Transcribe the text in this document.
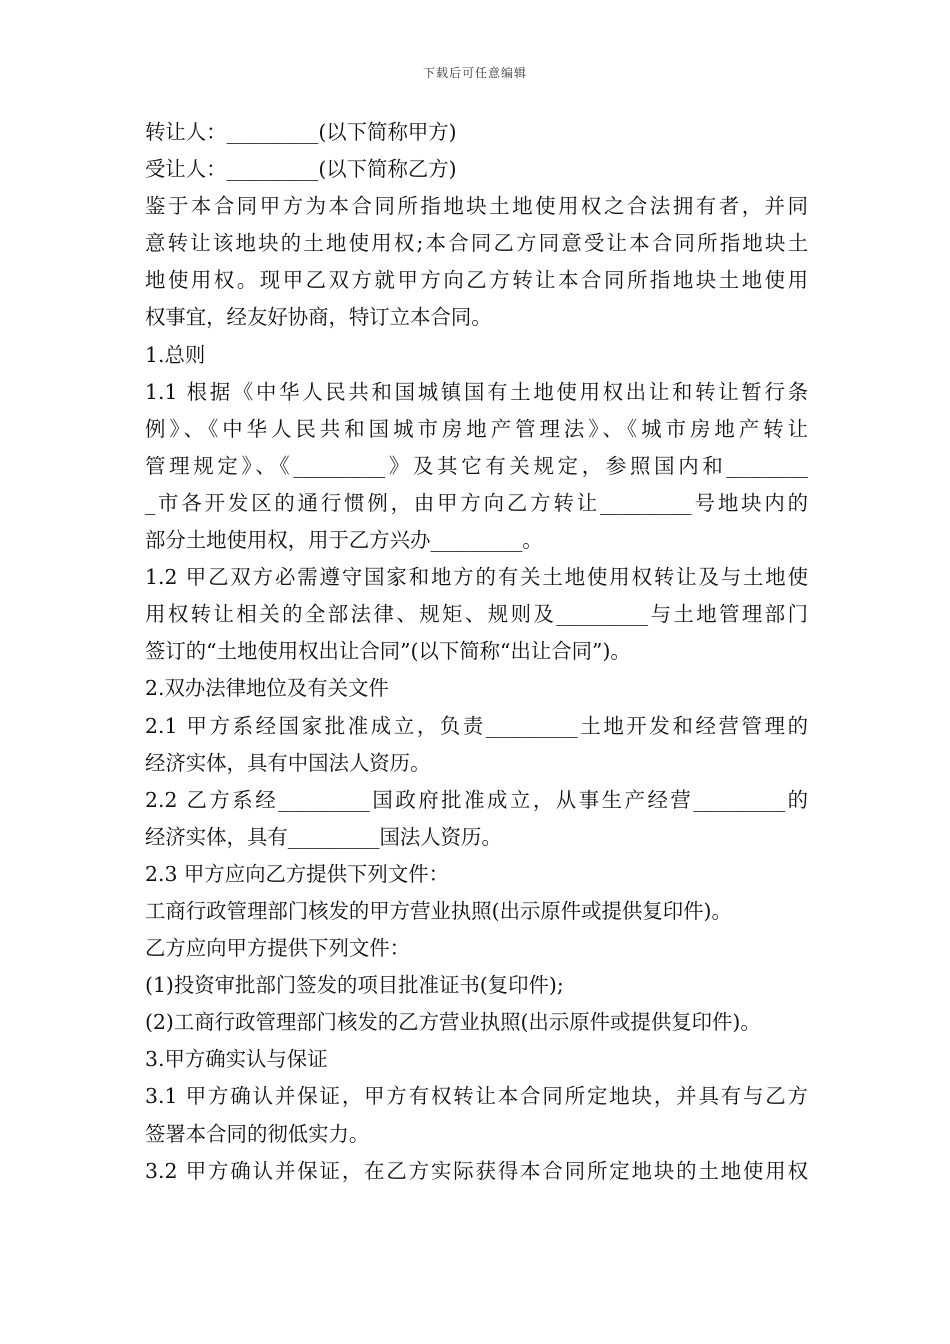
下载后可任意编辑
转让人：_________(以下简称甲方)
受让人：_________(以下简称乙方)
鉴于本合同甲方为本合同所指地块土地使用权之合法拥有者，并同
意转让该地块的土地使用权;本合同乙方同意受让本合同所指地块土
地使用权。现甲乙双方就甲方向乙方转让本合同所指地块土地使用
权事宜，经友好协商，特订立本合同。
1.总则
1.1 根据《中华人民共和国城镇国有土地使用权出让和转让暂行条
例》、《中华人民共和国城市房地产管理法》、《城市房地产转让
管理规定》、《_________》及其它有关规定，参照国内和________
_市各开发区的通行惯例，由甲方向乙方转让_________号地块内的
部分土地使用权，用于乙方兴办_________。
1.2 甲乙双方必需遵守国家和地方的有关土地使用权转让及与土地使
用权转让相关的全部法律、规矩、规则及_________与土地管理部门
签订的“土地使用权出让合同”(以下简称“出让合同”)。
2.双办法律地位及有关文件
2.1 甲方系经国家批准成立，负责_________土地开发和经营管理的
经济实体，具有中国法人资历。
2.2 乙方系经_________国政府批准成立，从事生产经营_________的
经济实体，具有_________国法人资历。
2.3 甲方应向乙方提供下列文件：
工商行政管理部门核发的甲方营业执照(出示原件或提供复印件)。
乙方应向甲方提供下列文件：
(1)投资审批部门签发的项目批准证书(复印件);
(2)工商行政管理部门核发的乙方营业执照(出示原件或提供复印件)。
3.甲方确实认与保证
3.1 甲方确认并保证，甲方有权转让本合同所定地块，并具有与乙方
签署本合同的彻低实力。
3.2 甲方确认并保证，在乙方实际获得本合同所定地块的土地使用权
